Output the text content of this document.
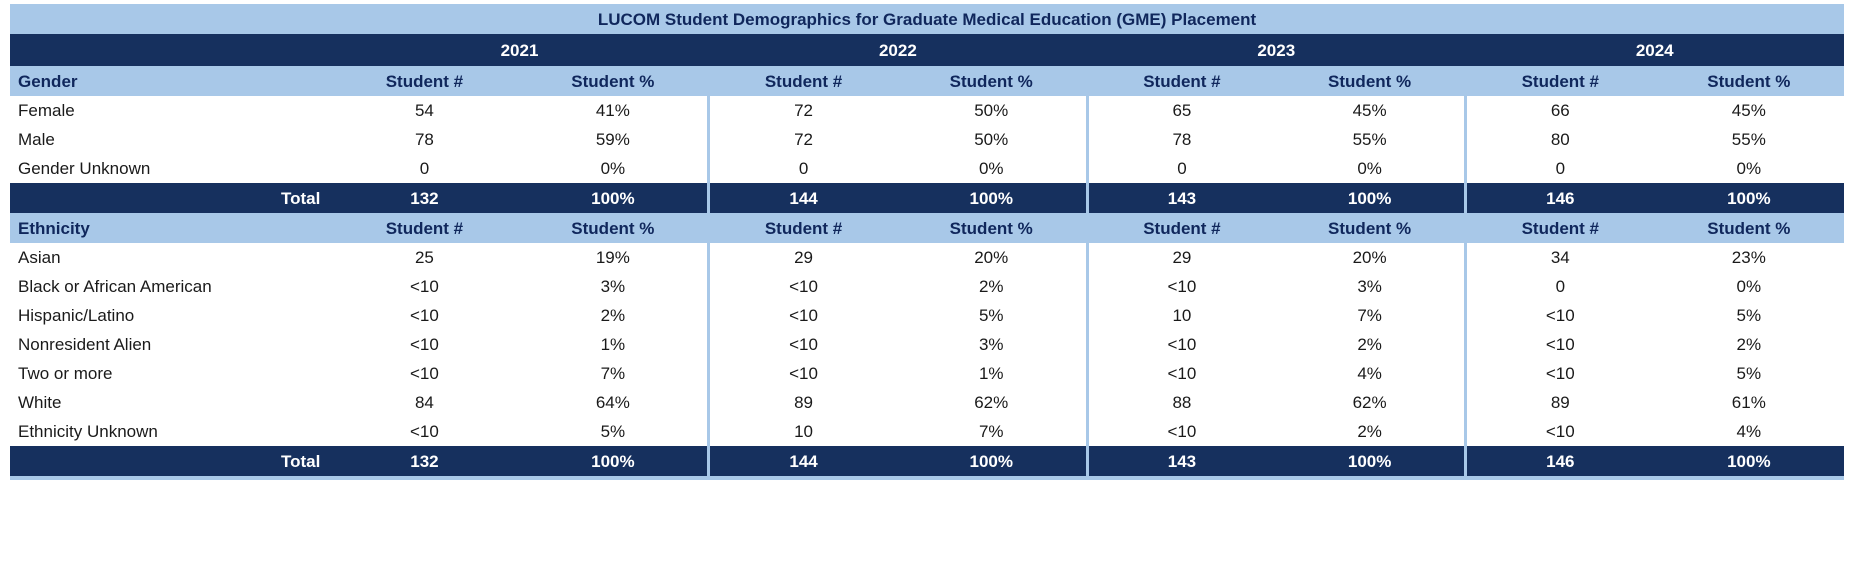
LUCOM Student Demographics for Graduate Medical Education (GME) Placement								
	2021		2022		2023		2024	
Gender	Student #	Student %	Student #	Student %	Student #	Student %	Student #	Student %
Female	54	41%	72	50%	65	45%	66	45%
Male	78	59%	72	50%	78	55%	80	55%
Gender Unknown	0	0%	0	0%	0	0%	0	0%
Total	132	100%	144	100%	143	100%	146	100%
Ethnicity	Student #	Student %	Student #	Student %	Student #	Student %	Student #	Student %
Asian	25	19%	29	20%	29	20%	34	23%
Black or African American	<10	3%	<10	2%	<10	3%	0	0%
Hispanic/Latino	<10	2%	<10	5%	10	7%	<10	5%
Nonresident Alien	<10	1%	<10	3%	<10	2%	<10	2%
Two or more	<10	7%	<10	1%	<10	4%	<10	5%
White	84	64%	89	62%	88	62%	89	61%
Ethnicity Unknown	<10	5%	10	7%	<10	2%	<10	4%
Total	132	100%	144	100%	143	100%	146	100%
